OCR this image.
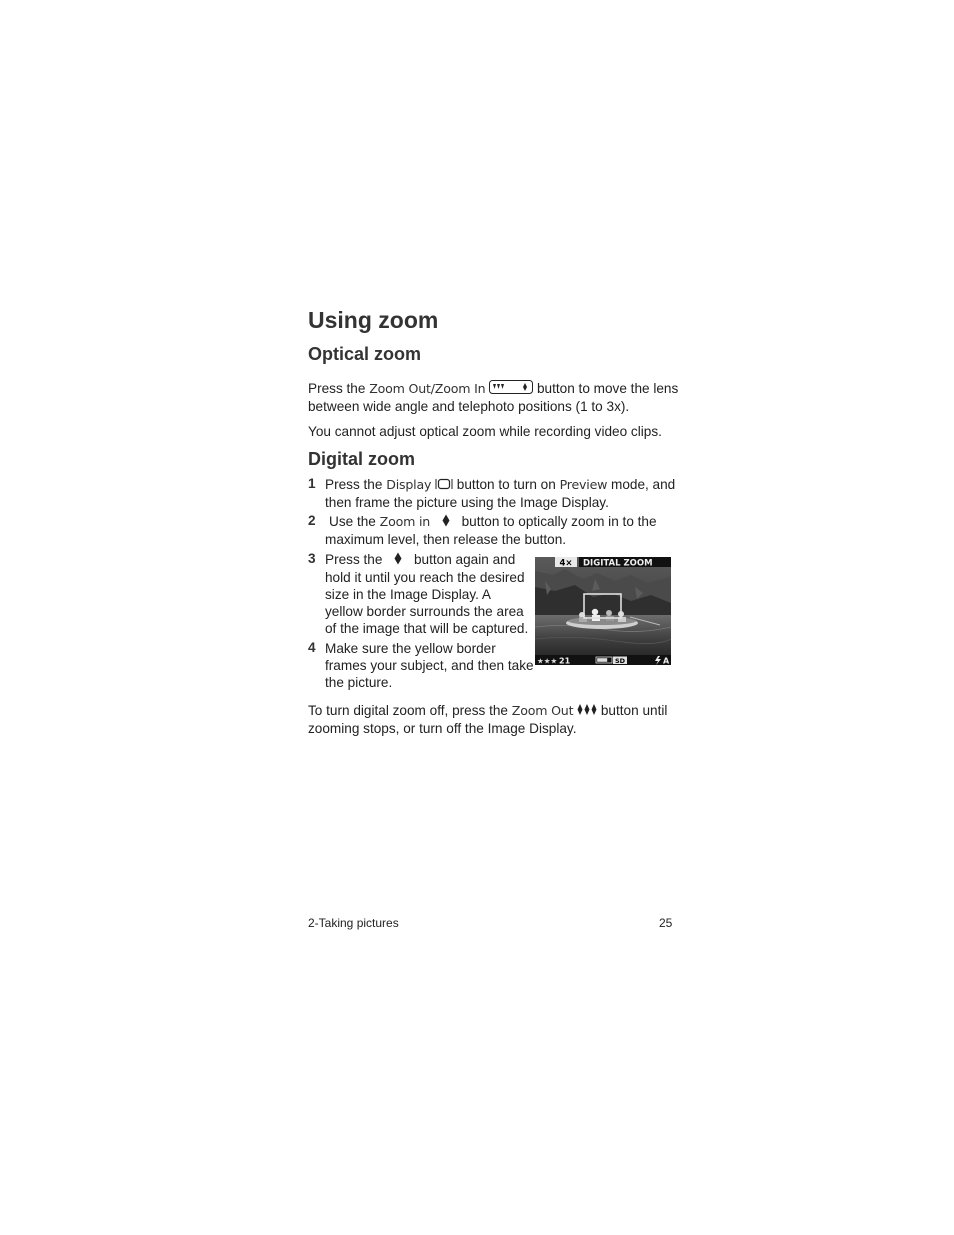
Using zoom
Optical zoom
Press the Zoom Out/Zoom In	button to move the lens
between wide angle and telephoto positions (1 to 3x).
You cannot adjust optical zoom while recording video clips.
Digital zoom
1 Press the Display button to turn on Preview mode, and
then frame the picture using the Image Display.
2 Use the Zoom in button to optically zoom in to the
maximum level, then release the button.
3 Press the button again and
hold it until you reach the desired
size in the Image Display. A
yellow border surrounds the area
of the image that will be captured.
4 Make sure the yellow border
frames your subject, and then take
the picture.
4× DIGITAL ZOOM
★★★ 21	SD	A
To turn digital zoom off, press the Zoom Out button until
zooming stops, or turn off the Image Display.
2-Taking pictures	25
